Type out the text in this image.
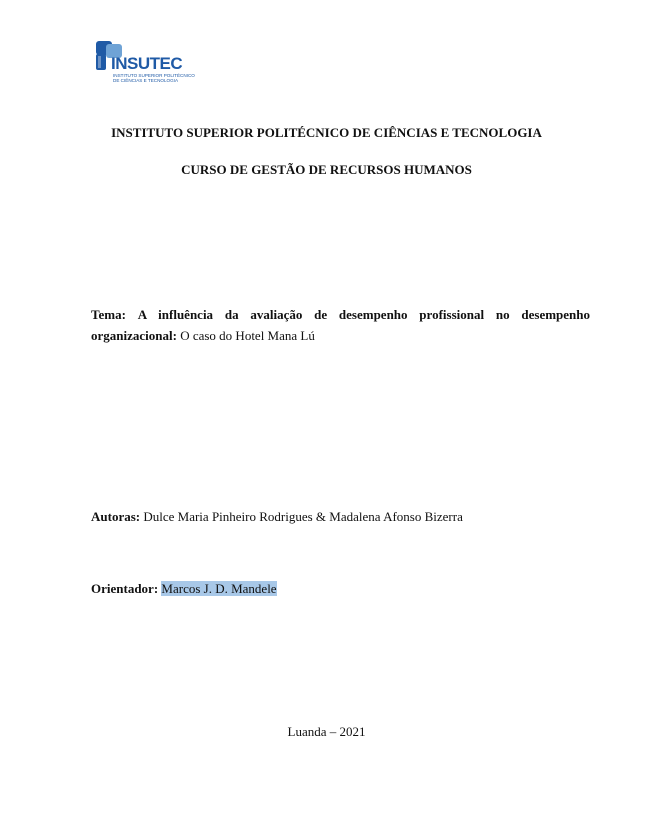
INSUTEC
INSTITUTO SUPERIOR POLITÉCNICO
DE CIÊNCIAS E TECNOLOGIA
INSTITUTO SUPERIOR POLITÉCNICO DE CIÊNCIAS E TECNOLOGIA
CURSO DE GESTÃO DE RECURSOS HUMANOS
Tema: A influência da avaliação de desempenho profissional no desempenho
organizacional: O caso do Hotel Mana Lú
Autoras: Dulce Maria Pinheiro Rodrigues & Madalena Afonso Bizerra
Orientador: Marcos J. D. Mandele
Luanda – 2021
